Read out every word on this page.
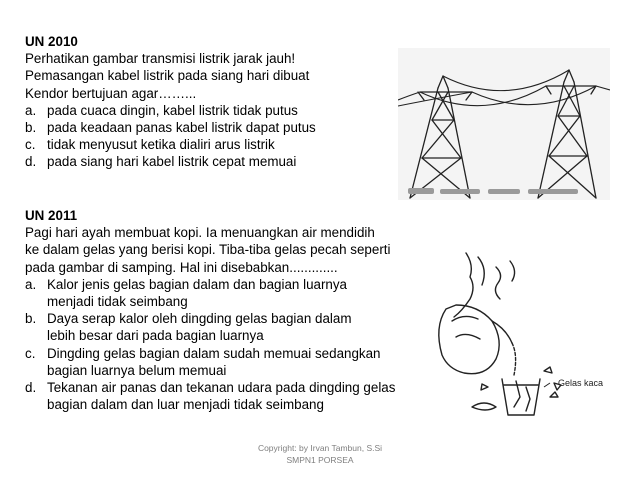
UN 2010
Perhatikan gambar transmisi listrik jarak jauh!
Pemasangan kabel listrik pada siang hari dibuat
Kendor bertujuan agar……...
a. pada cuaca dingin, kabel listrik tidak putus
b. pada keadaan panas kabel listrik dapat putus
c. tidak menyusut ketika dialiri arus listrik
d. pada siang hari kabel listrik cepat memuai
UN 2011
Pagi hari ayah membuat kopi. Ia menuangkan air mendidih
ke dalam gelas yang berisi kopi. Tiba-tiba gelas pecah seperti
pada gambar di samping. Hal ini disebabkan.............
a. Kalor jenis gelas bagian dalam dan bagian luarnya
menjadi tidak seimbang
b. Daya serap kalor oleh dingding gelas bagian dalam
lebih besar dari pada bagian luarnya
c. Dingding gelas bagian dalam sudah memuai sedangkan
bagian luarnya belum memuai
d. Tekanan air panas dan tekanan udara pada dingding gelas
bagian dalam dan luar menjadi tidak seimbang
Gelas kaca
Copyright: by Irvan Tambun, S.Si
SMPN1 PORSEA
